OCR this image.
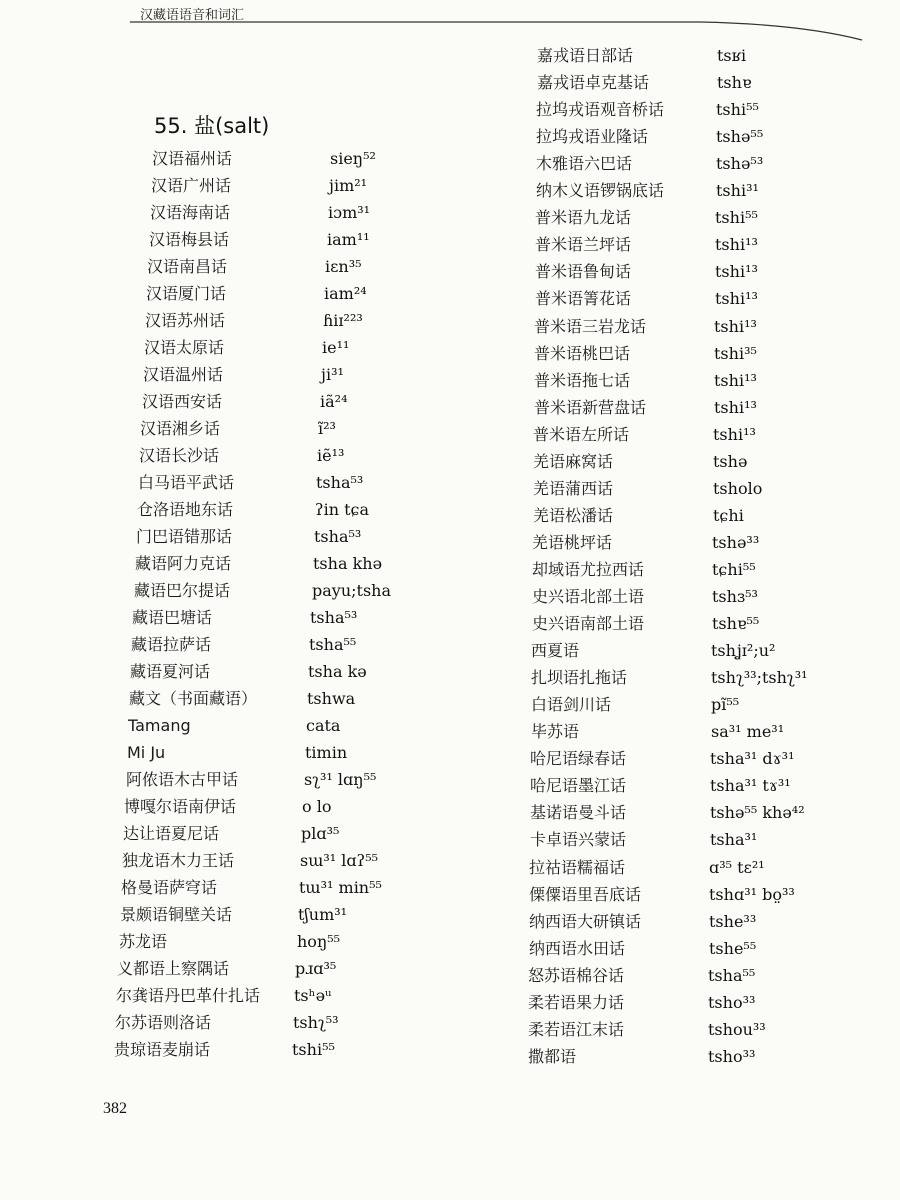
汉藏语语音和词汇
55. 盐(salt)
汉语福州话	sieŋ⁵²
汉语广州话	jim²¹
汉语海南话	iɔm³¹
汉语梅县话	iam¹¹
汉语南昌话	iɛn³⁵
汉语厦门话	iam²⁴
汉语苏州话	ɦiɪ²²³
汉语太原话	ie¹¹
汉语温州话	ji³¹
汉语西安话	iã²⁴
汉语湘乡话	ĩ²³
汉语长沙话	iẽ¹³
白马语平武话	tsha⁵³
仓洛语地东话	ʔin tɕa
门巴语错那话	tsha⁵³
藏语阿力克话	tsha khə
藏语巴尔提话	payu;tsha
藏语巴塘话	tsha⁵³
藏语拉萨话	tsha⁵⁵
藏语夏河话	tsha kə
藏文（书面藏语）	tshwa
Tamang	cata
Mi Ju	timin
阿侬语木古甲话	sʅ³¹ lɑŋ⁵⁵
博嘎尔语南伊话	o lo
达让语夏尼话	plɑ³⁵
独龙语木力王话	sɯ³¹ lɑʔ⁵⁵
格曼语萨穹话	tɯ³¹ min⁵⁵
景颇语铜壁关话	tʃum³¹
苏龙语	hoŋ⁵⁵
义都语上察隅话	pɹɑ³⁵
尔龚语丹巴革什扎话 tsʰəᵘ
尔苏语则洛话	tshʅ⁵³
贵琼语麦崩话	tshi⁵⁵
嘉戎语日部话	tsʁi
嘉戎语卓克基话	tshɐ
拉坞戎语观音桥话	tshi⁵⁵
拉坞戎语业隆话	tshə⁵⁵
木雅语六巴话	tshə⁵³
纳木义语锣锅底话	tshi³¹
普米语九龙话	tshi⁵⁵
普米语兰坪话	tshi¹³
普米语鲁甸话	tshi¹³
普米语箐花话	tshi¹³
普米语三岩龙话	tshi¹³
普米语桃巴话	tshi³⁵
普米语拖七话	tshi¹³
普米语新营盘话	tshi¹³
普米语左所话	tshi¹³
羌语麻窝话	tshə
羌语蒲西话	tsholo
羌语松潘话	tɕhi
羌语桃坪话	tshə³³
却域语尤拉西话	tɕhi⁵⁵
史兴语北部土语	tshɜ⁵³
史兴语南部土语	tshɐ⁵⁵
西夏语	tshʝɪ²;u²
扎坝语扎拖话	tshʅ³³;tshʅ³¹
白语剑川话	pĩ⁵⁵
毕苏语	sa³¹ me³¹
哈尼语绿春话	tsha³¹ dɤ³¹
哈尼语墨江话	tsha³¹ tɤ³¹
基诺语曼斗话	tshə⁵⁵ khə⁴²
卡卓语兴蒙话	tsha³¹
拉祜语糯福话	ɑ³⁵ tɛ²¹
傈僳语里吾底话	tshɑ³¹ bo̤³³
纳西语大研镇话	tshe³³
纳西语水田话	tshe⁵⁵
怒苏语棉谷话	tsha⁵⁵
柔若语果力话	tsho³³
柔若语江末话	tshou³³
撒都语	tsho³³
382
